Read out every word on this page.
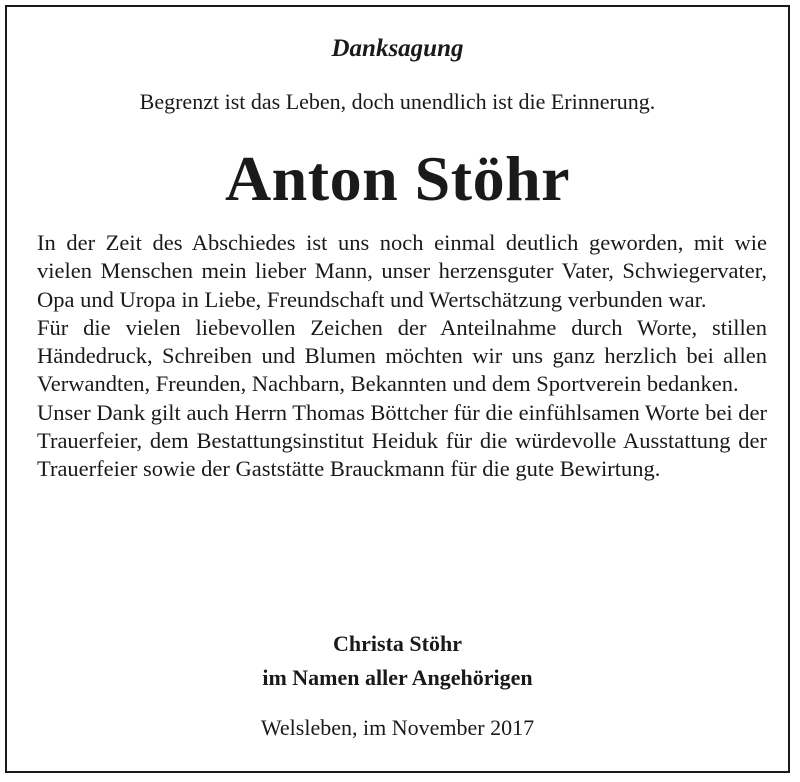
Danksagung
Begrenzt ist das Leben, doch unendlich ist die Erinnerung.
Anton Stöhr

In der Zeit des Abschiedes ist uns noch einmal deutlich geworden, mit wie vielen Menschen mein lieber Mann, unser herzensguter Vater, Schwiegervater, Opa und Uropa in Liebe, Freundschaft und Wertschätzung verbunden war.

Für die vielen liebevollen Zeichen der Anteilnahme durch Worte, stillen Händedruck, Schreiben und Blumen möchten wir uns ganz herzlich bei allen Verwandten, Freunden, Nachbarn, Bekannten und dem Sportverein bedanken.

Unser Dank gilt auch Herrn Thomas Böttcher für die einfühlsamen Worte bei der Trauerfeier, dem Bestattungsinstitut Heiduk für die würdevolle Ausstattung der Trauerfeier sowie der Gaststätte Brauckmann für die gute Bewirtung.

Christa Stöhr
im Namen aller Angehörigen
Welsleben, im November 2017
